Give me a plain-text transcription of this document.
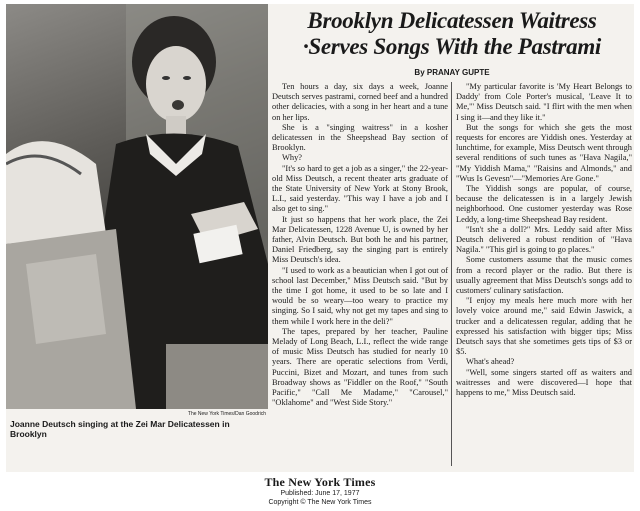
The New York Times/Dan Goodrich
Joanne Deutsch singing at the Zei Mar Delicatessen in Brooklyn
Brooklyn Delicatessen Waitress
·Serves Songs With the Pastrami
By PRANAY GUPTE

Ten hours a day, six days a week, Joanne Deutsch serves pastrami, corned beef and a hundred other delicacies, with a song in her heart and a tune on her lips.

She is a "singing waitress" in a kosher delicatessen in the Sheepshead Bay section of Brooklyn.

Why?

"It's so hard to get a job as a singer," the 22-year-old Miss Deutsch, a recent theater arts graduate of the State University of New York at Stony Brook, L.I., said yesterday. "This way I have a job and I also get to sing."

It just so happens that her work place, the Zei Mar Delicatessen, 1228 Avenue U, is owned by her father, Alvin Deutsch. But both he and his partner, Daniel Friedberg, say the singing part is entirely Miss Deutsch's idea.

"I used to work as a beautician when I got out of school last December," Miss Deutsch said. "But by the time I got home, it used to be so late and I would be so weary—too weary to practice my singing. So I said, why not get my tapes and sing to them while I work here in the deli?"

The tapes, prepared by her teacher, Pauline Melady of Long Beach, L.I., reflect the wide range of music Miss Deutsch has studied for nearly 10 years. There are operatic selections from Verdi, Puccini, Bizet and Mozart, and tunes from such Broadway shows as "Fiddler on the Roof," "South Pacific," "Call Me Madame," "Carousel," "Oklahome" and "West Side Story."

"My particular favorite is 'My Heart Belongs to Daddy' from Cole Porter's musical, 'Leave It to Me,'" Miss Deutsch said. "I flirt with the men when I sing it—and they like it."

But the songs for which she gets the most requests for encores are Yiddish ones. Yesterday at lunchtime, for example, Miss Deutsch went through several renditions of such tunes as "Hava Nagila," "My Yiddish Mama," "Raisins and Almonds," and "Wus Is Gevesn"—"Memories Are Gone."

The Yiddish songs are popular, of course, because the delicatessen is in a largely Jewish neighborhood. One customer yesterday was Rose Leddy, a long-time Sheepshead Bay resident.

"Isn't she a doll?" Mrs. Leddy said after Miss Deutsch delivered a robust rendition of "Hava Nagila." "This girl is going to go places."

Some customers assume that the music comes from a record player or the radio. But there is usually agreement that Miss Deutsch's songs add to customers' culinary satisfaction.

"I enjoy my meals here much more with her lovely voice around me," said Edwin Jaswick, a trucker and a delicatessen regular, adding that he expressed his satisfaction with bigger tips; Miss Deutsch says that she sometimes gets tips of $3 or $5.

What's ahead?

"Well, some singers started off as waiters and waitresses and were discovered—I hope that happens to me," Miss Deutsch said.

The New York Times
Published: June 17, 1977
Copyright © The New York Times
